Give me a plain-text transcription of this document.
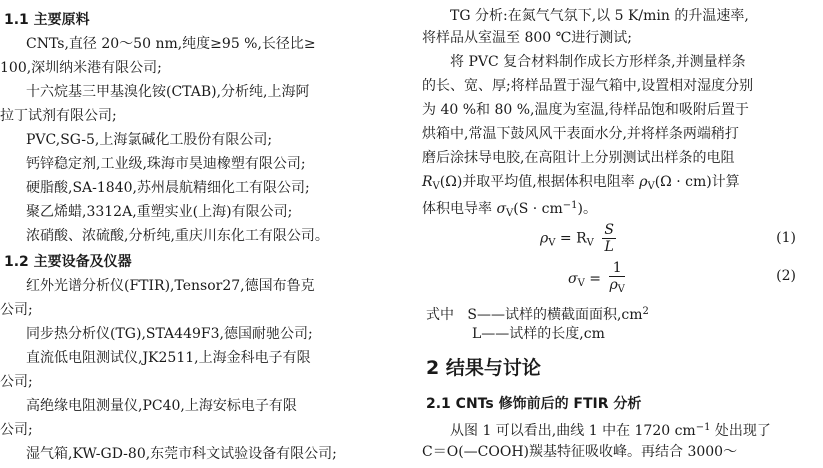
1.1 主要原料
CNTs,直径 20～50 nm,纯度≥95 %,长径比≥
100,深圳纳米港有限公司;
十六烷基三甲基溴化铵(CTAB),分析纯,上海阿
拉丁试剂有限公司;
PVC,SG-5,上海氯碱化工股份有限公司;
钙锌稳定剂,工业级,珠海市昊迪橡塑有限公司;
硬脂酸,SA-1840,苏州晨航精细化工有限公司;
聚乙烯蜡,3312A,重塑实业(上海)有限公司;
浓硝酸、浓硫酸,分析纯,重庆川东化工有限公司。
1.2 主要设备及仪器
红外光谱分析仪(FTIR),Tensor27,德国布鲁克
公司;
同步热分析仪(TG),STA449F3,德国耐驰公司;
直流低电阻测试仪,JK2511,上海金科电子有限
公司;
高绝缘电阻测量仪,PC40,上海安标电子有限
公司;
湿气箱,KW-GD-80,东莞市科文试验设备有限公司;
TG 分析:在氮气气氛下,以 5 K/min 的升温速率,
将样品从室温至 800 ℃进行测试;
将 PVC 复合材料制作成长方形样条,并测量样条
的长、宽、厚;将样品置于湿气箱中,设置相对湿度分别
为 40 %和 80 %,温度为室温,待样品饱和吸附后置于
烘箱中,常温下鼓风风干表面水分,并将样条两端稍打
磨后涂抹导电胶,在高阻计上分别测试出样条的电阻
$R_V(\Omega)$并取平均值,根据体积电阻率 $\rho_V(\Omega \cdot cm)$计算
体积电导率 $\sigma_V(S \cdot cm^{-1})$。
$\rho_V = R_V \frac{S}{L}$	(1)
$\sigma_V = \frac{1}{\rho_V}$	(2)
式中 S——试样的横截面面积$,cm^2$
L——试样的长度,cm
2 结果与讨论
2.1 CNTs 修饰前后的 FTIR 分析
从图 1 可以看出,曲线 1 中在 1720 $cm^{-1}$ 处出现了
C＝O(—COOH)羰基特征吸收峰。再结合 3000～
